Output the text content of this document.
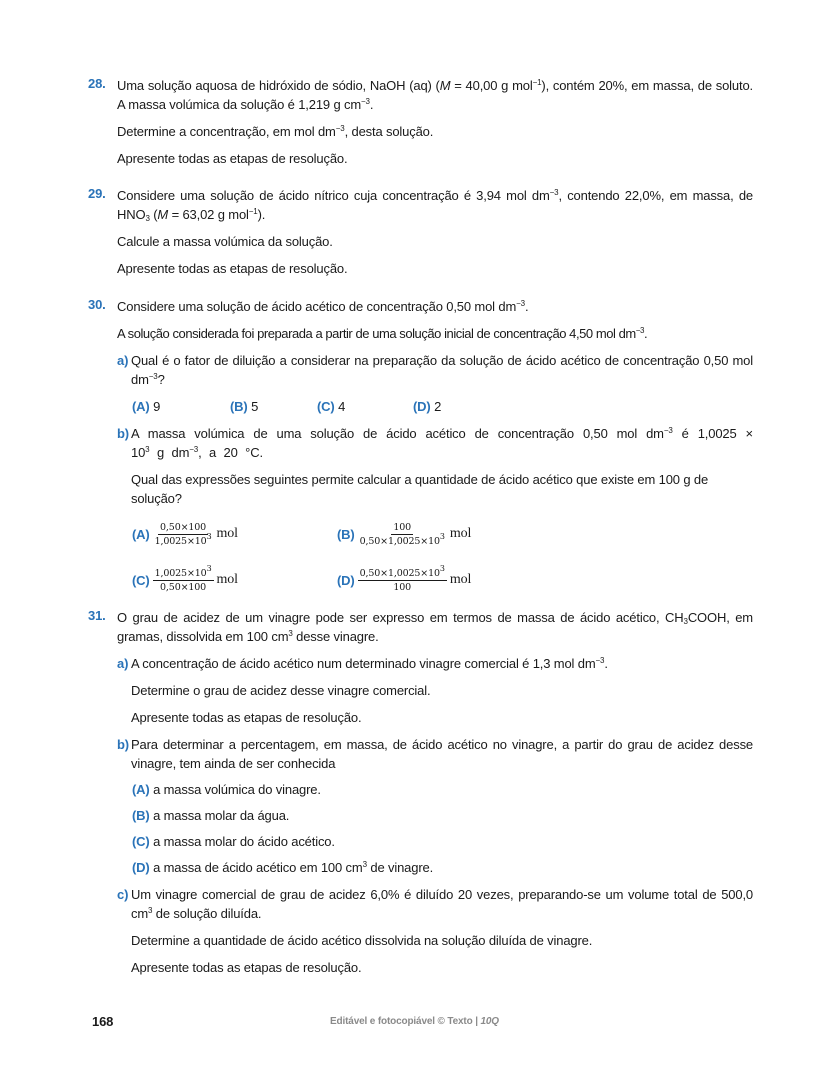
28. Uma solução aquosa de hidróxido de sódio, NaOH (aq) (M = 40,00 g mol$^{-1}$), contém 20%, em massa, de soluto. A massa volúmica da solução é 1,219 g $cm^{-3}$.
Determine a concentração, em mol $dm^{-3}$, desta solução.
Apresente todas as etapas de resolução.
29. Considere uma solução de ácido nítrico cuja concentração é 3,94 mol $dm^{-3}$, contendo 22,0%, em massa, de $HNO_3$ (M = 63,02 g mol$^{-1}$).
Calcule a massa volúmica da solução.
Apresente todas as etapas de resolução.
30. Considere uma solução de ácido acético de concentração 0,50 mol $dm^{-3}$.
A solução considerada foi preparada a partir de uma solução inicial de concentração 4,50 mol $dm^{-3}$.
a) Qual é o fator de diluição a considerar na preparação da solução de ácido acético de concentração 0,50 mol $dm^{-3}$?
(A) 9	(B) 5	(C) 4	(D) 2
b) A massa volúmica de uma solução de ácido acético de concentração 0,50 mol $dm^{-3}$ é $1,0025 \times 10^3$ g $dm^{-3}$, a 20 °C.
Qual das expressões seguintes permite calcular a quantidade de ácido acético que existe em 100 g de solução?
$(A) \frac{0,50\times 100}{1,0025\times 10^3}$ mol	$(B) \frac{100}{0,50\times 1,0025\times 10^3}$ mol
$(C) \frac{1,0025\times 10^3}{0,50\times 100}$ mol	$(D) \frac{0,50\times 1,0025\times 10^3}{100}$ mol
31. O grau de acidez de um vinagre pode ser expresso em termos de massa de ácido acético, $CH_3COOH$, em gramas, dissolvida em 100 $cm^3$ desse vinagre.
a) A concentração de ácido acético num determinado vinagre comercial é 1,3 mol $dm^{-3}$.
Determine o grau de acidez desse vinagre comercial.
Apresente todas as etapas de resolução.
b) Para determinar a percentagem, em massa, de ácido acético no vinagre, a partir do grau de acidez desse vinagre, tem ainda de ser conhecida
(A) a massa volúmica do vinagre.
(B) a massa molar da água.
(C) a massa molar do ácido acético.
(D) a massa de ácido acético em 100 $cm^3$ de vinagre.
c) Um vinagre comercial de grau de acidez 6,0% é diluído 20 vezes, preparando-se um volume total de 500,0 $cm^3$ de solução diluída.
Determine a quantidade de ácido acético dissolvida na solução diluída de vinagre.
Apresente todas as etapas de resolução.
168	Editável e fotocopiável © Texto | 10Q
